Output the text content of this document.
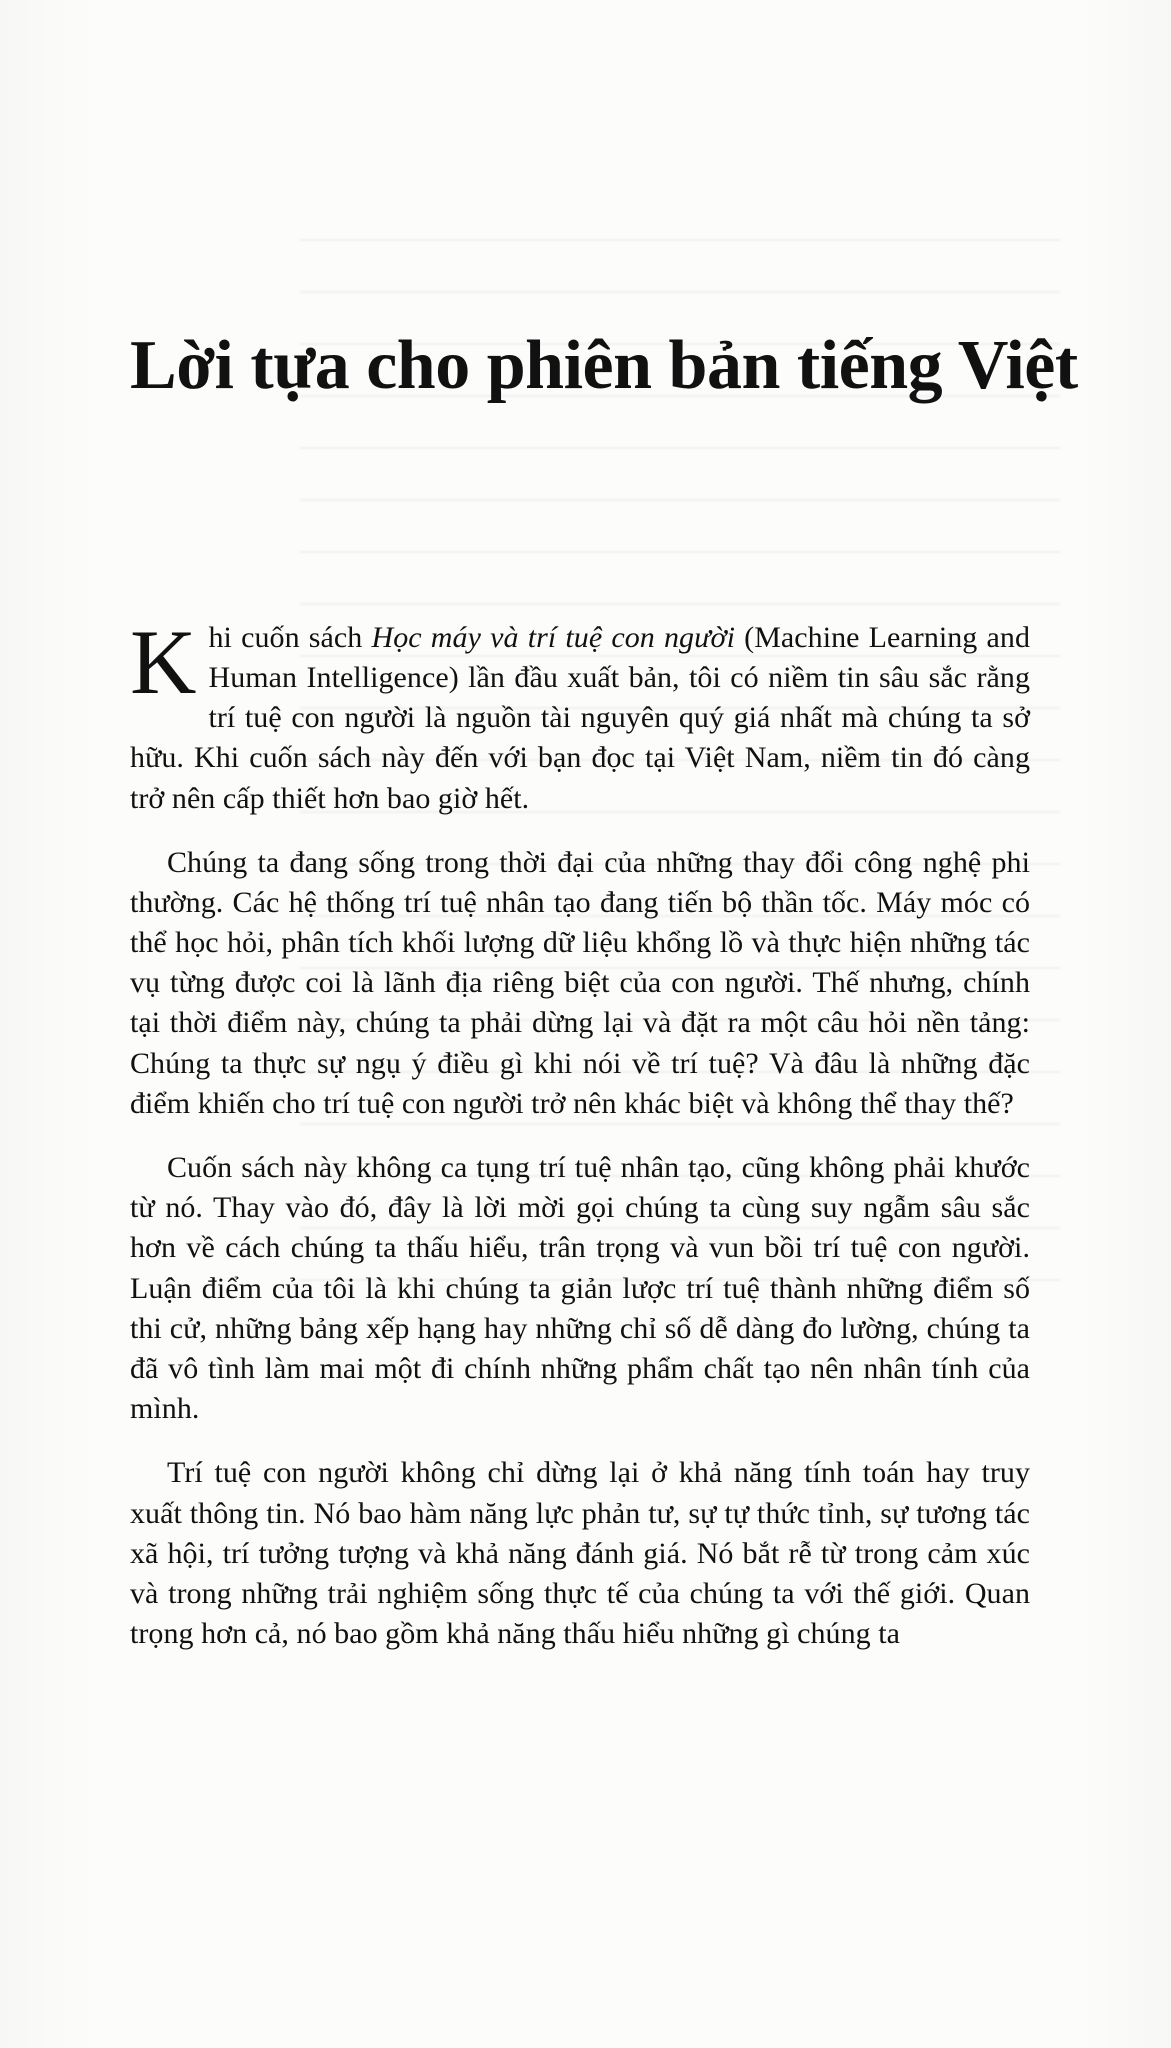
Lời tựa cho phiên bản tiếng Việt

K hi cuốn sách Học máy và trí tuệ con người (Machine Learning and Human Intelligence) lần đầu xuất bản, tôi có niềm tin sâu sắc rằng trí tuệ con người là nguồn tài nguyên quý giá nhất mà chúng ta sở hữu. Khi cuốn sách này đến với bạn đọc tại Việt Nam, niềm tin đó càng trở nên cấp thiết hơn bao giờ hết.

Chúng ta đang sống trong thời đại của những thay đổi công nghệ phi thường. Các hệ thống trí tuệ nhân tạo đang tiến bộ thần tốc. Máy móc có thể học hỏi, phân tích khối lượng dữ liệu khổng lồ và thực hiện những tác vụ từng được coi là lãnh địa riêng biệt của con người. Thế nhưng, chính tại thời điểm này, chúng ta phải dừng lại và đặt ra một câu hỏi nền tảng: Chúng ta thực sự ngụ ý điều gì khi nói về trí tuệ? Và đâu là những đặc điểm khiến cho trí tuệ con người trở nên khác biệt và không thể thay thế?

Cuốn sách này không ca tụng trí tuệ nhân tạo, cũng không phải khước từ nó. Thay vào đó, đây là lời mời gọi chúng ta cùng suy ngẫm sâu sắc hơn về cách chúng ta thấu hiểu, trân trọng và vun bồi trí tuệ con người. Luận điểm của tôi là khi chúng ta giản lược trí tuệ thành những điểm số thi cử, những bảng xếp hạng hay những chỉ số dễ dàng đo lường, chúng ta đã vô tình làm mai một đi chính những phẩm chất tạo nên nhân tính của mình.

Trí tuệ con người không chỉ dừng lại ở khả năng tính toán hay truy xuất thông tin. Nó bao hàm năng lực phản tư, sự tự thức tỉnh, sự tương tác xã hội, trí tưởng tượng và khả năng đánh giá. Nó bắt rễ từ trong cảm xúc và trong những trải nghiệm sống thực tế của chúng ta với thế giới. Quan trọng hơn cả, nó bao gồm khả năng thấu hiểu những gì chúng ta
